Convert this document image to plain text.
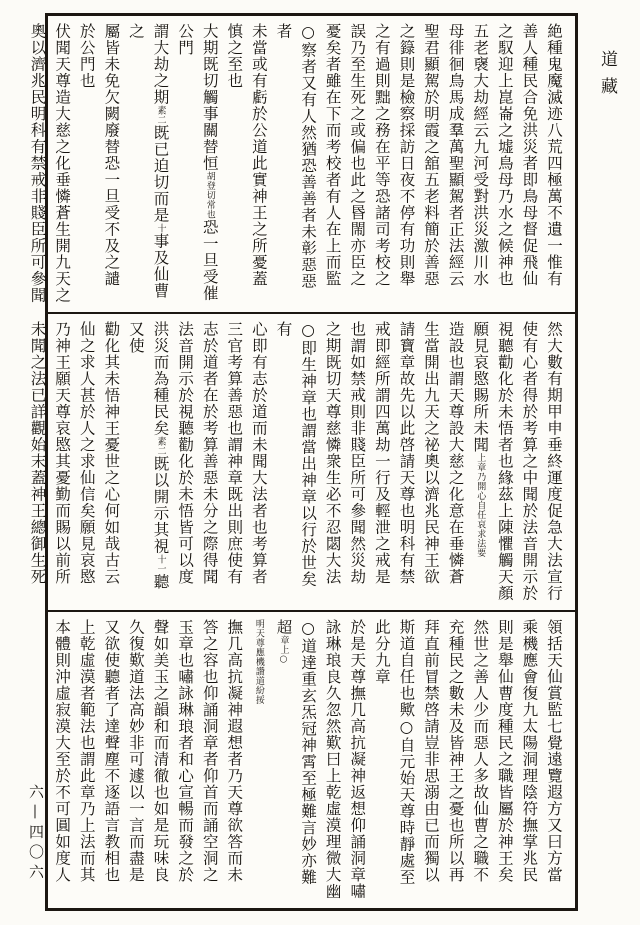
道藏
絶種鬼魔滅迹八荒四極萬不遺一惟有
善人種民合免洪災者即鳥母督促飛仙
之馭迎上崑崙之墟鳥母乃水之候神也
五老襃大劫經云九河受對洪災激川水
母徘徊鳥馬成羣萬聖顯駕者正法經云
聖君顯駕於明霞之舘五老料簡於善惡
之籙則是檢察採訪日夜不停有功則舉
之有過則黜之務在平等恐諸司考校之
誤乃至生死之或偏也此之昬閙亦臣之
憂矣者雖在下而考校者有人在上而監
○察者又有人然猶恐善善者未彰惡惡者
未當或有虧於公道此實神王之所憂蓋
慎之至也
大期既切觸事關替恒胡登切常也恐一旦受催
公門
謂大劫之期素二既已迫切而是十事及仙曹之
屬皆未免欠闕廢替恐一旦受不及之譴
於公門也
伏聞天尊造大慈之化垂憐蒼生開九天之
奧以濟兆民明科有禁戒非賤臣所可參聞
然大數有期甲申垂終運度促急大法宣行
使有心者得於考算之中聞於法音開示於
視聽勸化於未悟者也緣茲上陳懼觸天顏
願見哀愍賜所未聞上章乃開心自任哀求法要
造設也謂天尊設大慈之化意在垂憐蒼
生當開出九天之祕奧以濟兆民神王欲
請寶章故先以此啓請天尊也明科有禁
戒即經所謂四萬劫一行及輕泄之戒是
也謂如禁戒則非賤臣所可參聞然災劫
之期既切天尊慈憐衆生必不忍閟大法
○即生神章也謂當出神章以行於世矣有
心即有志於道而未聞大法者也考算者
三官考算善惡也謂神章既出則庶使有
志於道者在於考算善惡未分之際得聞
法音開示於視聽勸化於未悟皆可以度
洪災而為種民矣素二既以開示其視十一聽又使
勸化其未悟神王憂世之心何如哉古云
仙之求人甚於人之求仙信矣願見哀愍
乃神王願天尊哀愍其憂勤而賜以前所
未聞之法已詳觀始末蓋神王總御生死
領括天仙賞監七覺遠覽遐方又曰方當
乘機應會復九太陽洞理陰符撫掌兆民
則是舉仙曹度種民之職皆屬於神王矣
然世之善人少而惡人多故仙曹之職不
充種民之數未及皆神王之憂也所以再
拜直前冒禁啓請豈非思溺由已而獨以
斯道自任也歟○自元始天尊時靜處至
此分九章
於是天尊撫几高抗凝神返想仰誦洞章嘯
詠琳琅良久忽然歎曰上乾虛漠理微大幽
○道達重玄炁冠神霄至極難言妙亦難超章上○
明天尊應機讚道紛挼
撫几高抗凝神遐想者乃天尊欲答而未
答之容也仰誦洞章者仰首而誦空洞之
玉章也嘯詠琳琅者和心宣暢而發之於
聲如美玉之韻和而清徹也如是玩味良
久復歎道法高妙非可遽以一言而盡是
又欲使聽者了達聲塵不逐語言教相也
上乾虛漠者範法也謂此章乃上法而其
本體則沖虛寂漠大至於不可圓如度人
六—四〇六
